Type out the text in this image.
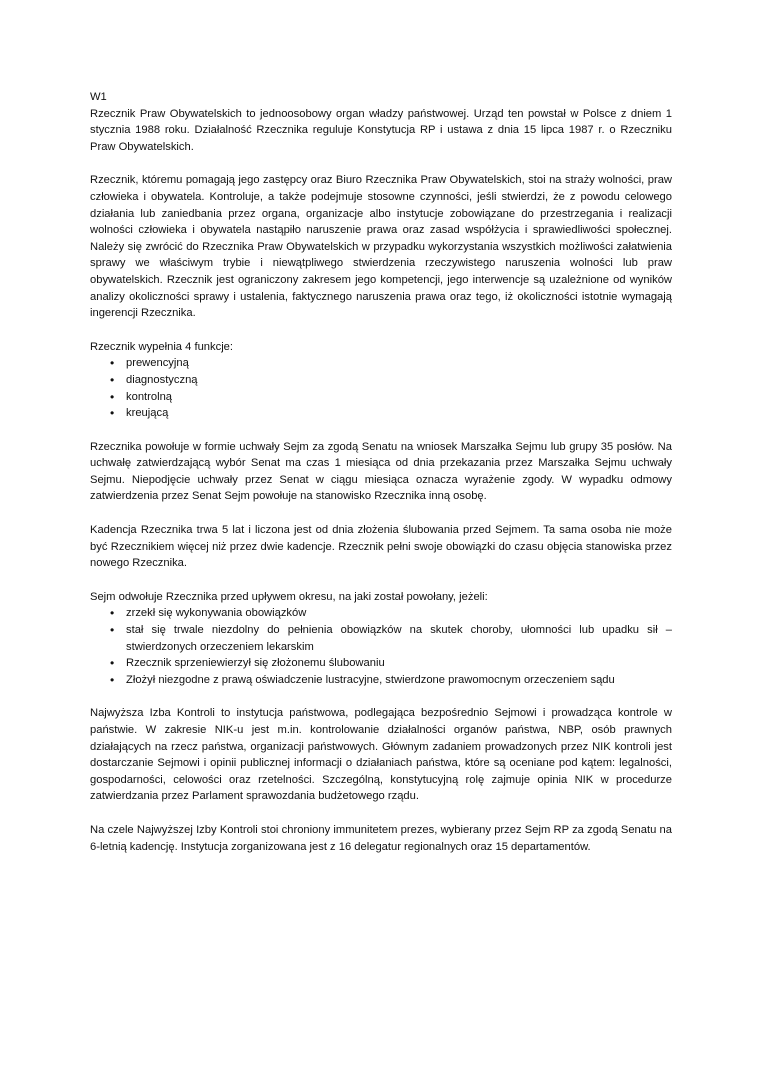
W1

Rzecznik Praw Obywatelskich to jednoosobowy organ władzy państwowej. Urząd ten powstał w Polsce z dniem 1 stycznia 1988 roku. Działalność Rzecznika reguluje Konstytucja RP i ustawa z dnia 15 lipca 1987 r. o Rzeczniku Praw Obywatelskich.

Rzecznik, któremu pomagają jego zastępcy oraz Biuro Rzecznika Praw Obywatelskich, stoi na straży wolności, praw człowieka i obywatela. Kontroluje, a także podejmuje stosowne czynności, jeśli stwierdzi, że z powodu celowego działania lub zaniedbania przez organa, organizacje albo instytucje zobowiązane do przestrzegania i realizacji wolności człowieka i obywatela nastąpiło naruszenie prawa oraz zasad współżycia i sprawiedliwości społecznej. Należy się zwrócić do Rzecznika Praw Obywatelskich w przypadku wykorzystania wszystkich możliwości załatwienia sprawy we właściwym trybie i niewątpliwego stwierdzenia rzeczywistego naruszenia wolności lub praw obywatelskich. Rzecznik jest ograniczony zakresem jego kompetencji, jego interwencje są uzależnione od wyników analizy okoliczności sprawy i ustalenia, faktycznego naruszenia prawa oraz tego, iż okoliczności istotnie wymagają ingerencji Rzecznika.

Rzecznik wypełnia 4 funkcje:

• prewencyjną
• diagnostyczną
• kontrolną
• kreującą

Rzecznika powołuje w formie uchwały Sejm za zgodą Senatu na wniosek Marszałka Sejmu lub grupy 35 posłów. Na uchwałę zatwierdzającą wybór Senat ma czas 1 miesiąca od dnia przekazania przez Marszałka Sejmu uchwały Sejmu. Niepodjęcie uchwały przez Senat w ciągu miesiąca oznacza wyrażenie zgody. W wypadku odmowy zatwierdzenia przez Senat Sejm powołuje na stanowisko Rzecznika inną osobę.

Kadencja Rzecznika trwa 5 lat i liczona jest od dnia złożenia ślubowania przed Sejmem. Ta sama osoba nie może być Rzecznikiem więcej niż przez dwie kadencje. Rzecznik pełni swoje obowiązki do czasu objęcia stanowiska przez nowego Rzecznika.

Sejm odwołuje Rzecznika przed upływem okresu, na jaki został powołany, jeżeli:

• zrzekł się wykonywania obowiązków
• stał się trwale niezdolny do pełnienia obowiązków na skutek choroby, ułomności lub upadku sił – stwierdzonych orzeczeniem lekarskim
• Rzecznik sprzeniewierzył się złożonemu ślubowaniu
• Złożył niezgodne z prawą oświadczenie lustracyjne, stwierdzone prawomocnym orzeczeniem sądu

Najwyższa Izba Kontroli to instytucja państwowa, podlegająca bezpośrednio Sejmowi i prowadząca kontrole w państwie. W zakresie NIK-u jest m.in. kontrolowanie działalności organów państwa, NBP, osób prawnych działających na rzecz państwa, organizacji państwowych. Głównym zadaniem prowadzonych przez NIK kontroli jest dostarczanie Sejmowi i opinii publicznej informacji o działaniach państwa, które są oceniane pod kątem: legalności, gospodarności, celowości oraz rzetelności. Szczególną, konstytucyjną rolę zajmuje opinia NIK w procedurze zatwierdzania przez Parlament sprawozdania budżetowego rządu.

Na czele Najwyższej Izby Kontroli stoi chroniony immunitetem prezes, wybierany przez Sejm RP za zgodą Senatu na 6-letnią kadencję. Instytucja zorganizowana jest z 16 delegatur regionalnych oraz 15 departamentów.
